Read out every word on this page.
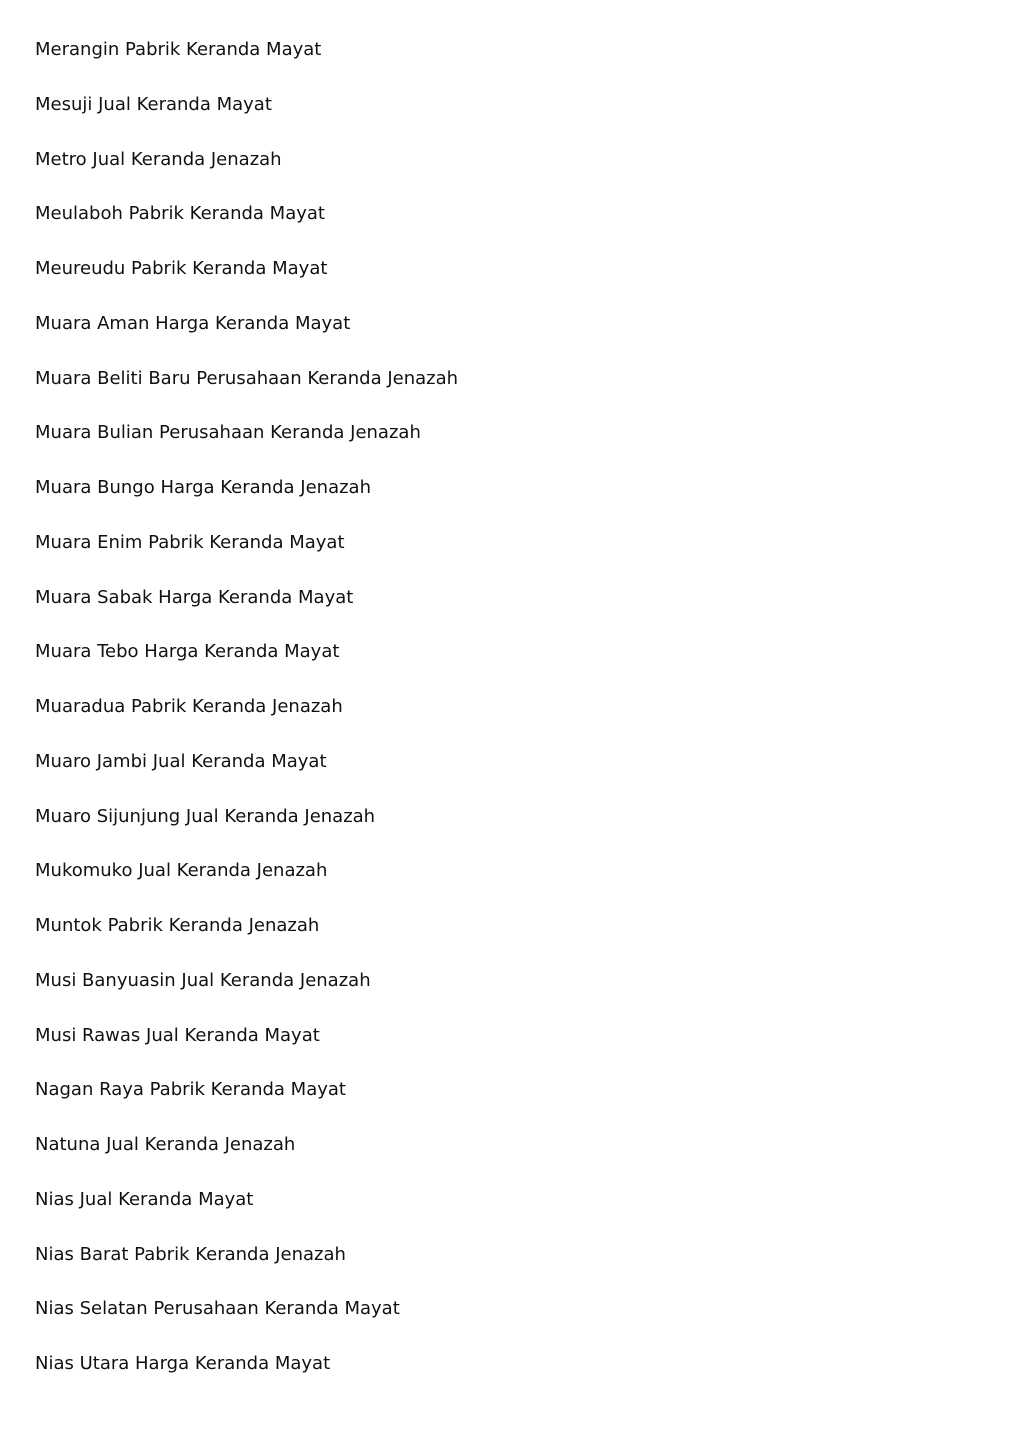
Merangin Pabrik Keranda Mayat
Mesuji Jual Keranda Mayat
Metro Jual Keranda Jenazah
Meulaboh Pabrik Keranda Mayat
Meureudu Pabrik Keranda Mayat
Muara Aman Harga Keranda Mayat
Muara Beliti Baru Perusahaan Keranda Jenazah
Muara Bulian Perusahaan Keranda Jenazah
Muara Bungo Harga Keranda Jenazah
Muara Enim Pabrik Keranda Mayat
Muara Sabak Harga Keranda Mayat
Muara Tebo Harga Keranda Mayat
Muaradua Pabrik Keranda Jenazah
Muaro Jambi Jual Keranda Mayat
Muaro Sijunjung Jual Keranda Jenazah
Mukomuko Jual Keranda Jenazah
Muntok Pabrik Keranda Jenazah
Musi Banyuasin Jual Keranda Jenazah
Musi Rawas Jual Keranda Mayat
Nagan Raya Pabrik Keranda Mayat
Natuna Jual Keranda Jenazah
Nias Jual Keranda Mayat
Nias Barat Pabrik Keranda Jenazah
Nias Selatan Perusahaan Keranda Mayat
Nias Utara Harga Keranda Mayat
